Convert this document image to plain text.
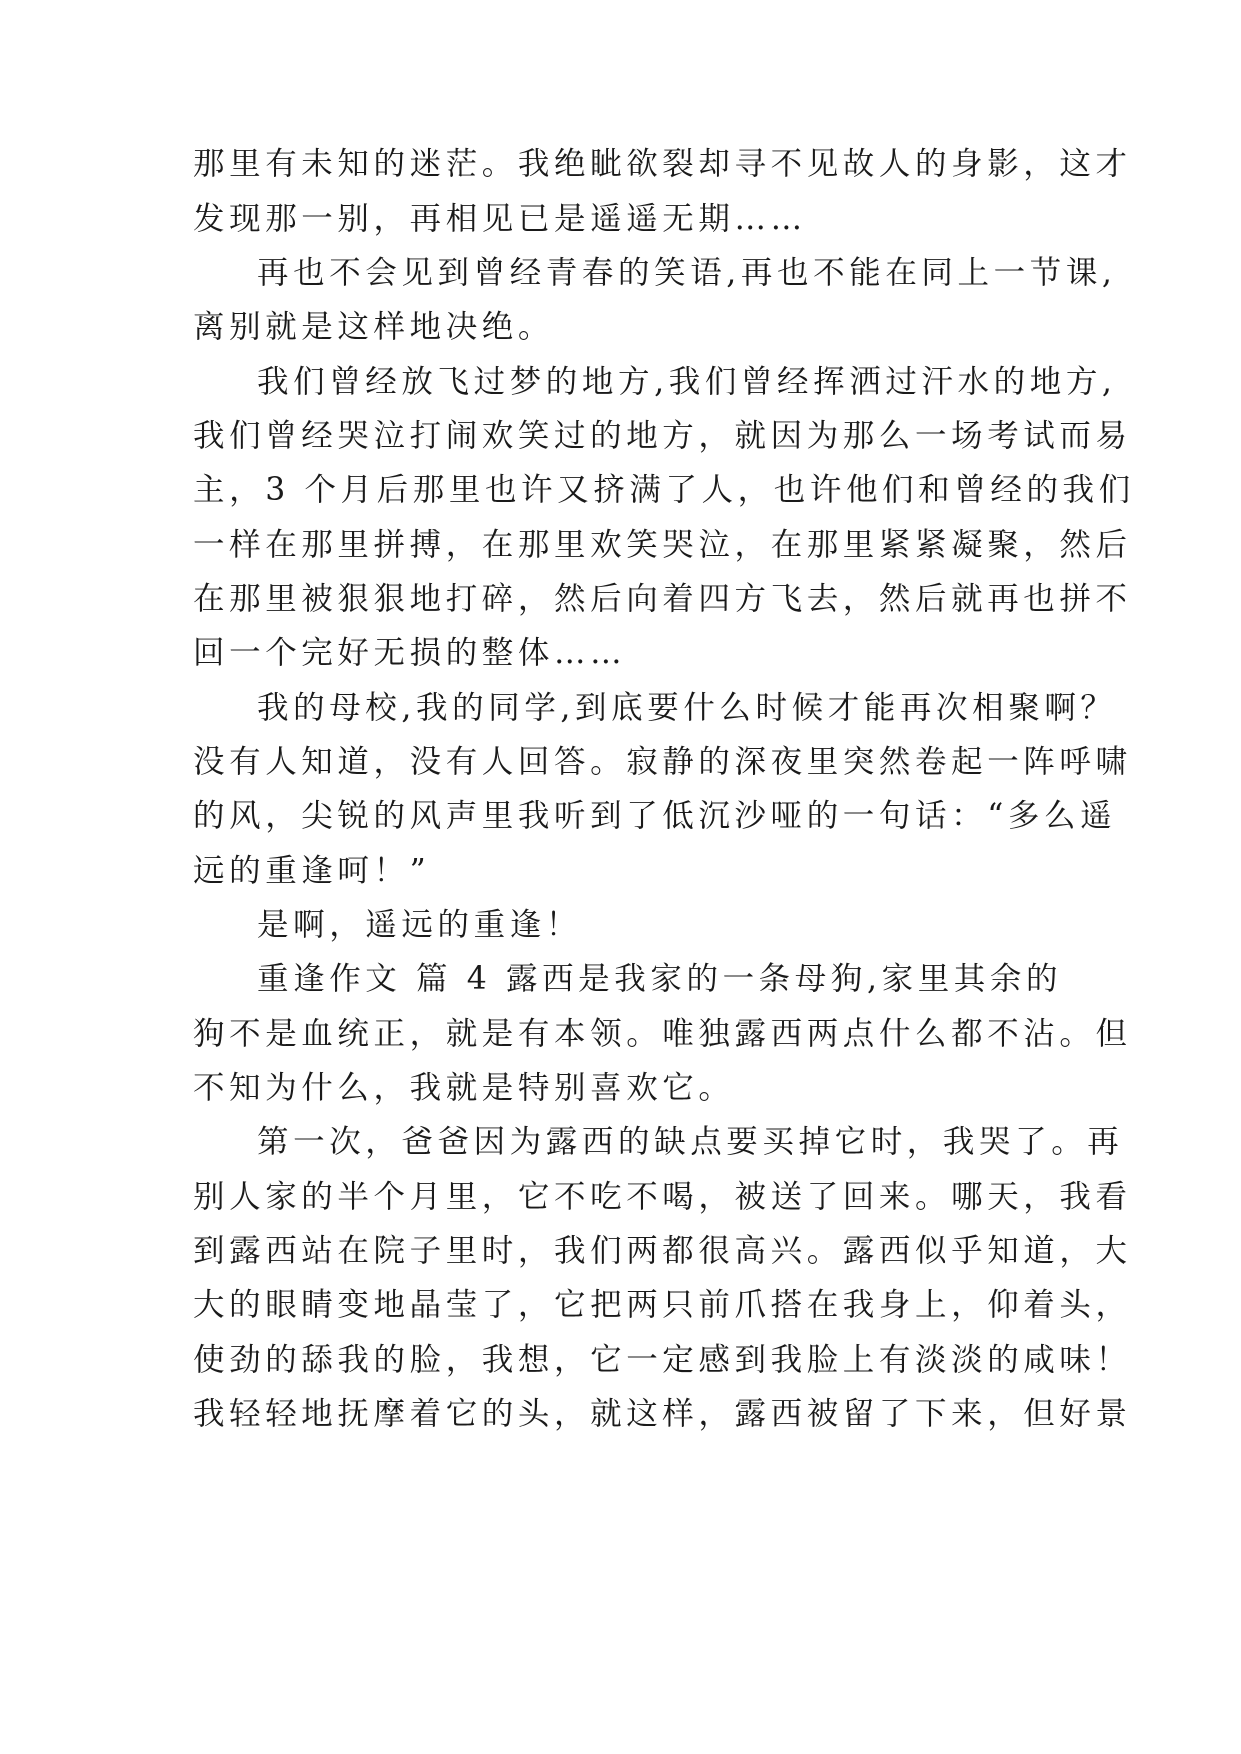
那里有未知的迷茫。我绝眦欲裂却寻不见故人的身影，这才

发现那一别，再相见已是遥遥无期……

再也不会见到曾经青春的笑语,再也不能在同上一节课,

离别就是这样地决绝。

我们曾经放飞过梦的地方,我们曾经挥洒过汗水的地方,

我们曾经哭泣打闹欢笑过的地方，就因为那么一场考试而易

主，3 个月后那里也许又挤满了人，也许他们和曾经的我们

一样在那里拼搏，在那里欢笑哭泣，在那里紧紧凝聚，然后

在那里被狠狠地打碎，然后向着四方飞去，然后就再也拼不

回一个完好无损的整体……

我的母校,我的同学,到底要什么时候才能再次相聚啊？

没有人知道，没有人回答。寂静的深夜里突然卷起一阵呼啸

的风，尖锐的风声里我听到了低沉沙哑的一句话：“多么遥

远的重逢呵！”

是啊，遥远的重逢！

重逢作文 篇 4 露西是我家的一条母狗,家里其余的

狗不是血统正，就是有本领。唯独露西两点什么都不沾。但

不知为什么，我就是特别喜欢它。

第一次，爸爸因为露西的缺点要买掉它时，我哭了。再

别人家的半个月里，它不吃不喝，被送了回来。哪天，我看

到露西站在院子里时，我们两都很高兴。露西似乎知道，大

大的眼睛变地晶莹了，它把两只前爪搭在我身上，仰着头，

使劲的舔我的脸，我想，它一定感到我脸上有淡淡的咸味！

我轻轻地抚摩着它的头，就这样，露西被留了下来，但好景
